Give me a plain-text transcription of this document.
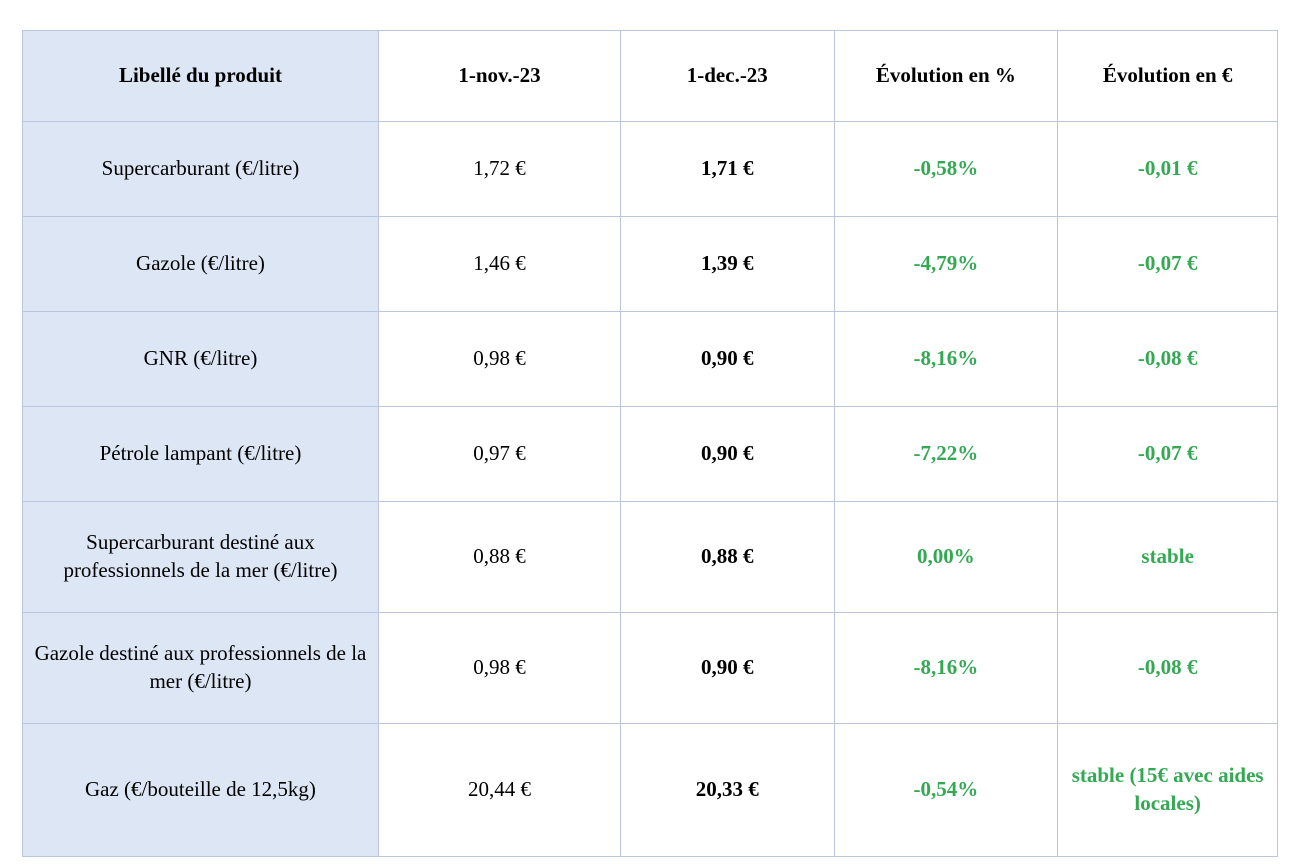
Libellé du produit	1-nov.-23	1-dec.-23	Évolution en %	Évolution en €
Supercarburant (€/litre)	1,72 €	1,71 €	-0,58%	-0,01 €
Gazole (€/litre)	1,46 €	1,39 €	-4,79%	-0,07 €
GNR (€/litre)	0,98 €	0,90 €	-8,16%	-0,08 €
Pétrole lampant (€/litre)	0,97 €	0,90 €	-7,22%	-0,07 €
Supercarburant destiné aux professionnels de la mer (€/litre)	0,88 €	0,88 €	0,00%	stable
Gazole destiné aux professionnels de la mer (€/litre)	0,98 €	0,90 €	-8,16%	-0,08 €
Gaz (€/bouteille de 12,5kg)	20,44 €	20,33 €	-0,54%	stable (15€ avec aides locales)
